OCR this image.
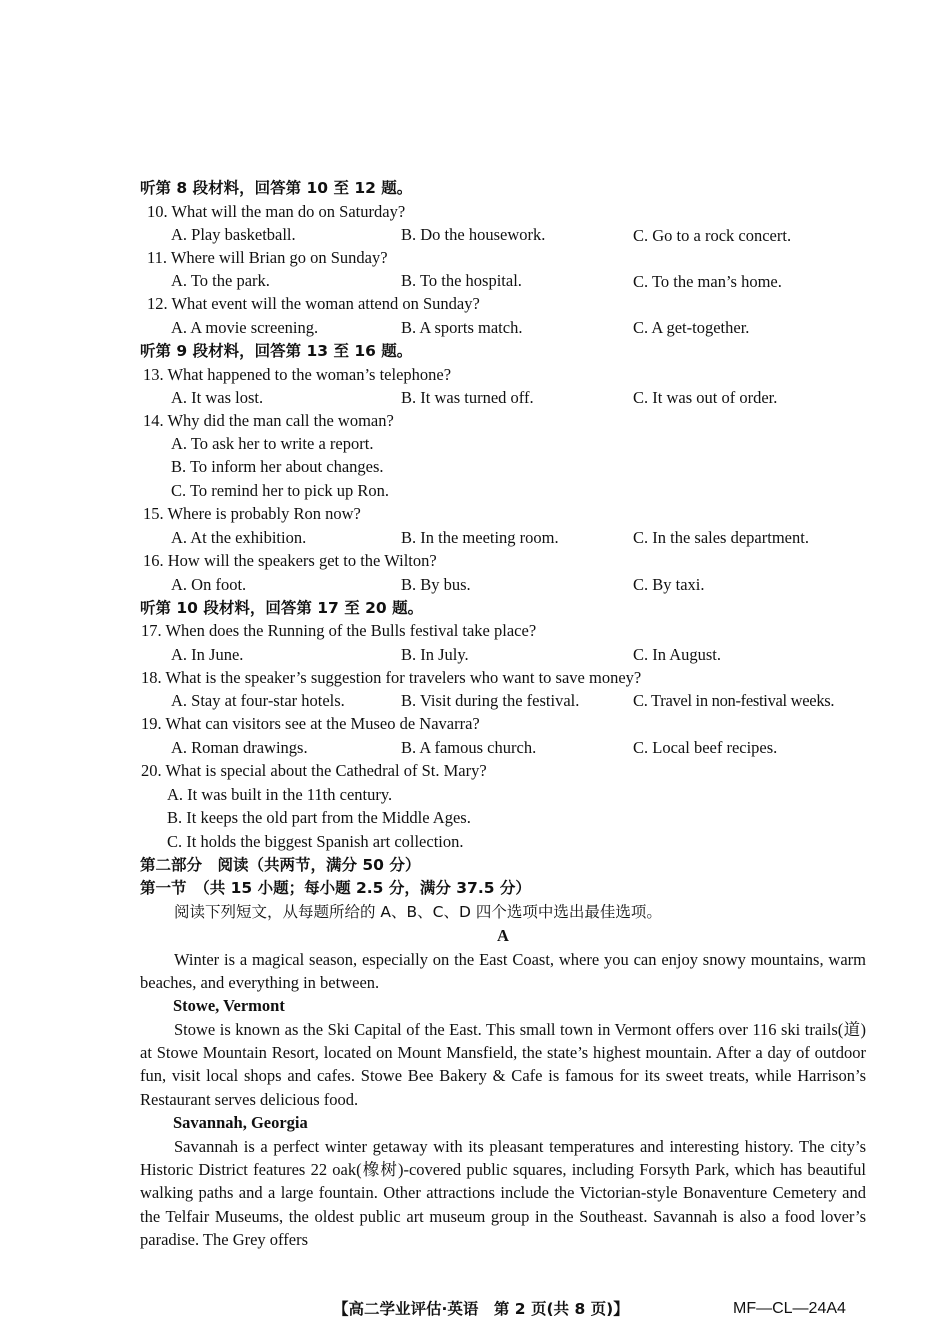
听第 8 段材料，回答第 10 至 12 题。
10. What will the man do on Saturday?
A. Play basketball.	B. Do the housework.	C. Go to a rock concert.
11. Where will Brian go on Sunday?
A. To the park.	B. To the hospital.	C. To the man’s home.
12. What event will the woman attend on Sunday?
A. A movie screening.	B. A sports match.	C. A get-together.
听第 9 段材料，回答第 13 至 16 题。
13. What happened to the woman’s telephone?
A. It was lost.	B. It was turned off.	C. It was out of order.
14. Why did the man call the woman?
A. To ask her to write a report.
B. To inform her about changes.
C. To remind her to pick up Ron.
15. Where is probably Ron now?
A. At the exhibition.	B. In the meeting room.	C. In the sales department.
16. How will the speakers get to the Wilton?
A. On foot.	B. By bus.	C. By taxi.
听第 10 段材料，回答第 17 至 20 题。
17. When does the Running of the Bulls festival take place?
A. In June.	B. In July.	C. In August.
18. What is the speaker’s suggestion for travelers who want to save money?
A. Stay at four-star hotels.	B. Visit during the festival.	C. Travel in non-festival weeks.
19. What can visitors see at the Museo de Navarra?
A. Roman drawings.	B. A famous church.	C. Local beef recipes.
20. What is special about the Cathedral of St. Mary?
A. It was built in the 11th century.
B. It keeps the old part from the Middle Ages.
C. It holds the biggest Spanish art collection.
第二部分　阅读（共两节，满分 50 分）
第一节　（共 15 小题；每小题 2.5 分，满分 37.5 分）
阅读下列短文，从每题所给的 A、B、C、D 四个选项中选出最佳选项。
A
Winter is a magical season, especially on the East Coast, where you can enjoy snowy mountains, warm beaches, and everything in between.
Stowe, Vermont
Stowe is known as the Ski Capital of the East. This small town in Vermont offers over 116 ski trails(道) at Stowe Mountain Resort, located on Mount Mansfield, the state’s highest mountain. After a day of outdoor fun, visit local shops and cafes. Stowe Bee Bakery & Cafe is famous for its sweet treats, while Harrison’s Restaurant serves delicious food.
Savannah, Georgia
Savannah is a perfect winter getaway with its pleasant temperatures and interesting history. The city’s Historic District features 22 oak(橡树)-covered public squares, including Forsyth Park, which has beautiful walking paths and a large fountain. Other attractions include the Victorian-style Bonaventure Cemetery and the Telfair Museums, the oldest public art museum group in the Southeast. Savannah is also a food lover’s paradise. The Grey offers
【高二学业评估·英语　第 2 页(共 8 页)】	MF—CL—24A4
